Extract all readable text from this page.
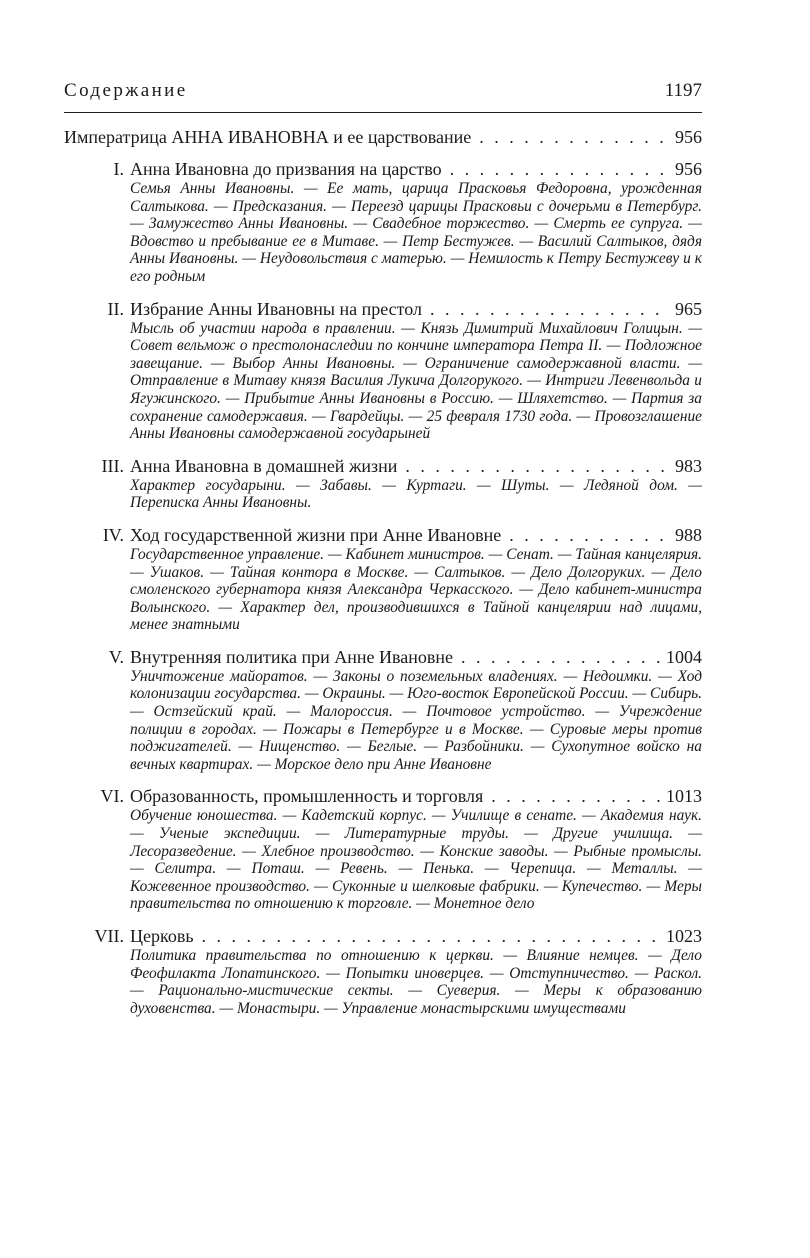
Содержание	1197
Императрица АННА ИВАНОВНА и ее царствование . . .	956
I. Анна Ивановна до призвания на царство . . .	956
Семья Анны Ивановны. — Ее мать, царица Прасковья Федоровна, урожденная Салтыкова. — Предсказания. — Переезд царицы Прасковьи с дочерьми в Петербург. — Замужество Анны Ивановны. — Свадебное торжество. — Смерть ее супруга. — Вдовство и пребывание ее в Митаве. — Петр Бестужев. — Василий Салтыков, дядя Анны Ивановны. — Неудовольствия с матерью. — Немилость к Петру Бестужеву и к его родным
II. Избрание Анны Ивановны на престол . . .	965
Мысль об участии народа в правлении. — Князь Димитрий Михайлович Голицын. — Совет вельмож о престолонаследии по кончине императора Петра II. — Подложное завещание. — Выбор Анны Ивановны. — Ограничение самодержавной власти. — Отправление в Митаву князя Василия Лукича Долгорукого. — Интриги Левенвольда и Ягужинского. — Прибытие Анны Ивановны в Россию. — Шляхетство. — Партия за сохранение самодержавия. — Гвардейцы. — 25 февраля 1730 года. — Провозглашение Анны Ивановны самодержавной государыней
III. Анна Ивановна в домашней жизни . . .	983
Характер государыни. — Забавы. — Куртаги. — Шуты. — Ледяной дом. — Переписка Анны Ивановны.
IV. Ход государственной жизни при Анне Ивановне . . .	988
Государственное управление. — Кабинет министров. — Сенат. — Тайная канцелярия. — Ушаков. — Тайная контора в Москве. — Салтыков. — Дело Долгоруких. — Дело смоленского губернатора князя Александра Черкасского. — Дело кабинет-министра Волынского. — Характер дел, производившихся в Тайной канцелярии над лицами, менее знатными
V. Внутренняя политика при Анне Ивановне . . .	1004
Уничтожение майоратов. — Законы о поземельных владениях. — Недоимки. — Ход колонизации государства. — Окраины. — Юго-восток Европейской России. — Сибирь. — Остзейский край. — Малороссия. — Почтовое устройство. — Учреждение полиции в городах. — Пожары в Петербурге и в Москве. — Суровые меры против поджигателей. — Нищенство. — Беглые. — Разбойники. — Сухопутное войско на вечных квартирах. — Морское дело при Анне Ивановне
VI. Образованность, промышленность и торговля . . .	1013
Обучение юношества. — Кадетский корпус. — Училище в сенате. — Академия наук. — Ученые экспедиции. — Литературные труды. — Другие училища. — Лесоразведение. — Хлебное производство. — Конские заводы. — Рыбные промыслы. — Селитра. — Поташ. — Ревень. — Пенька. — Черепица. — Металлы. — Кожевенное производство. — Суконные и шелковые фабрики. — Купечество. — Меры правительства по отношению к торговле. — Монетное дело
VII. Церковь . . .	1023
Политика правительства по отношению к церкви. — Влияние немцев. — Дело Феофилакта Лопатинского. — Попытки иноверцев. — Отступничество. — Раскол. — Рационально-мистические секты. — Суеверия. — Меры к образованию духовенства. — Монастыри. — Управление монастырскими имуществами
